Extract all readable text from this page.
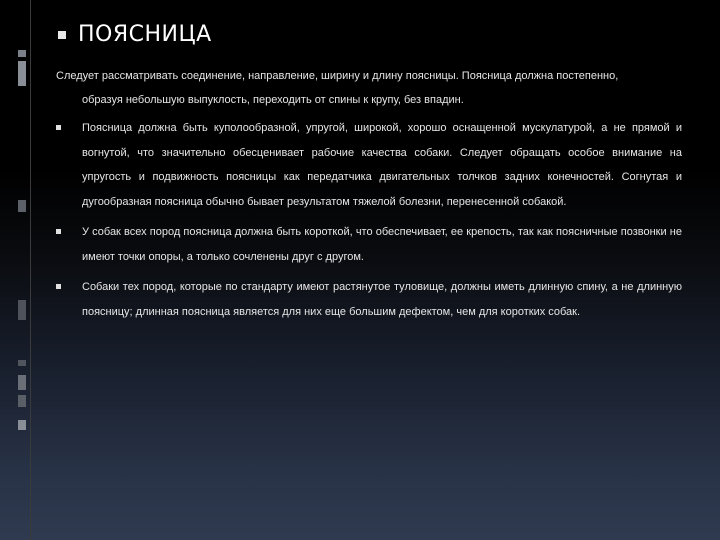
ПОЯСНИЦА
Следует рассматривать соединение, направление, ширину и длину поясницы. Поясница должна постепенно,
образуя небольшую выпуклость, переходить от спины к крупу, без впадин.
Поясница должна быть куполообразной, упругой, широкой, хорошо оснащенной мускулатурой, а не прямой и вогнутой, что значительно обесценивает рабочие качества собаки. Следует обращать особое внимание на упругость и подвижность поясницы как передатчика двигательных толчков задних конечностей. Согнутая и дугообразная поясница обычно бывает результатом тяжелой болезни, перенесенной собакой.
У собак всех пород поясница должна быть короткой, что обеспечивает, ее крепость, так как поясничные позвонки не имеют точки опоры, а только сочленены друг с другом.
Собаки тех пород, которые по стандарту имеют растянутое туловище, должны иметь длинную спину, а не длинную поясницу; длинная поясница является для них еще большим дефектом, чем для коротких собак.
